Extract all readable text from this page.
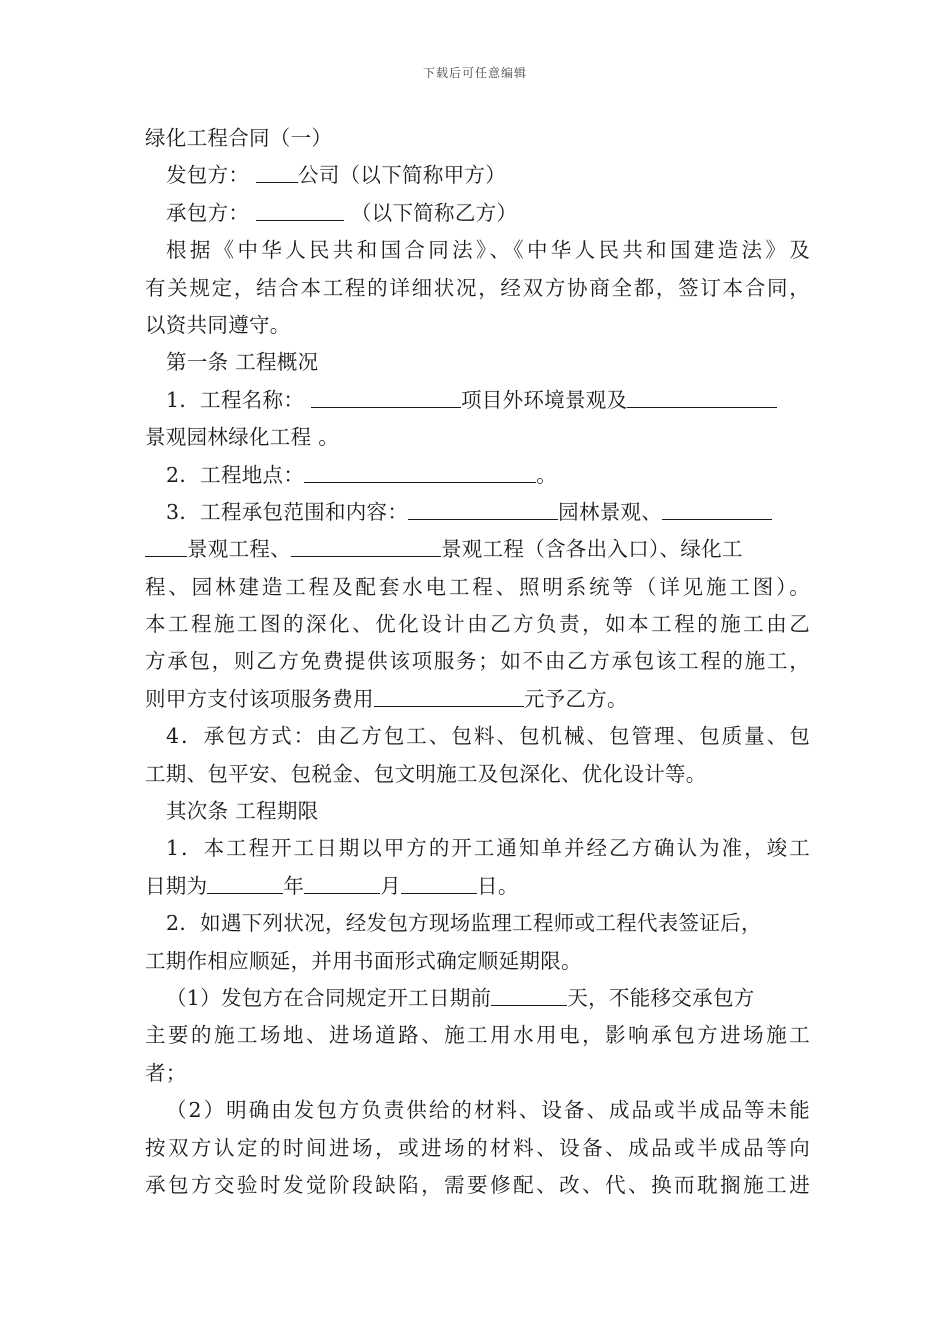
下载后可任意编辑
绿化工程合同（一）
发包方： 公司（以下简称甲方）
承包方：	（以下简称乙方）
根据《中华人民共和国合同法》、《中华人民共和国建造法》及
有关规定，结合本工程的详细状况，经双方协商全都，签订本合同，
以资共同遵守。
第一条 工程概况
1．工程名称：	项目外环境景观及
景观园林绿化工程 。
2．工程地点：	。
3．工程承包范围和内容：	园林景观、
景观工程、	景观工程（含各出入口）、绿化工
程、园林建造工程及配套水电工程、照明系统等（详见施工图）。
本工程施工图的深化、优化设计由乙方负责，如本工程的施工由乙
方承包，则乙方免费提供该项服务；如不由乙方承包该工程的施工，
则甲方支付该项服务费用	元予乙方。
4．承包方式：由乙方包工、包料、包机械、包管理、包质量、包
工期、包平安、包税金、包文明施工及包深化、优化设计等。
其次条 工程期限
1．本工程开工日期以甲方的开工通知单并经乙方确认为准，竣工
日期为	年	月	日。
2．如遇下列状况，经发包方现场监理工程师或工程代表签证后，
工期作相应顺延，并用书面形式确定顺延期限。
（1）发包方在合同规定开工日期前	天，不能移交承包方
主要的施工场地、进场道路、施工用水用电，影响承包方进场施工
者；
（2）明确由发包方负责供给的材料、设备、成品或半成品等未能
按双方认定的时间进场，或进场的材料、设备、成品或半成品等向
承包方交验时发觉阶段缺陷，需要修配、改、代、换而耽搁施工进
